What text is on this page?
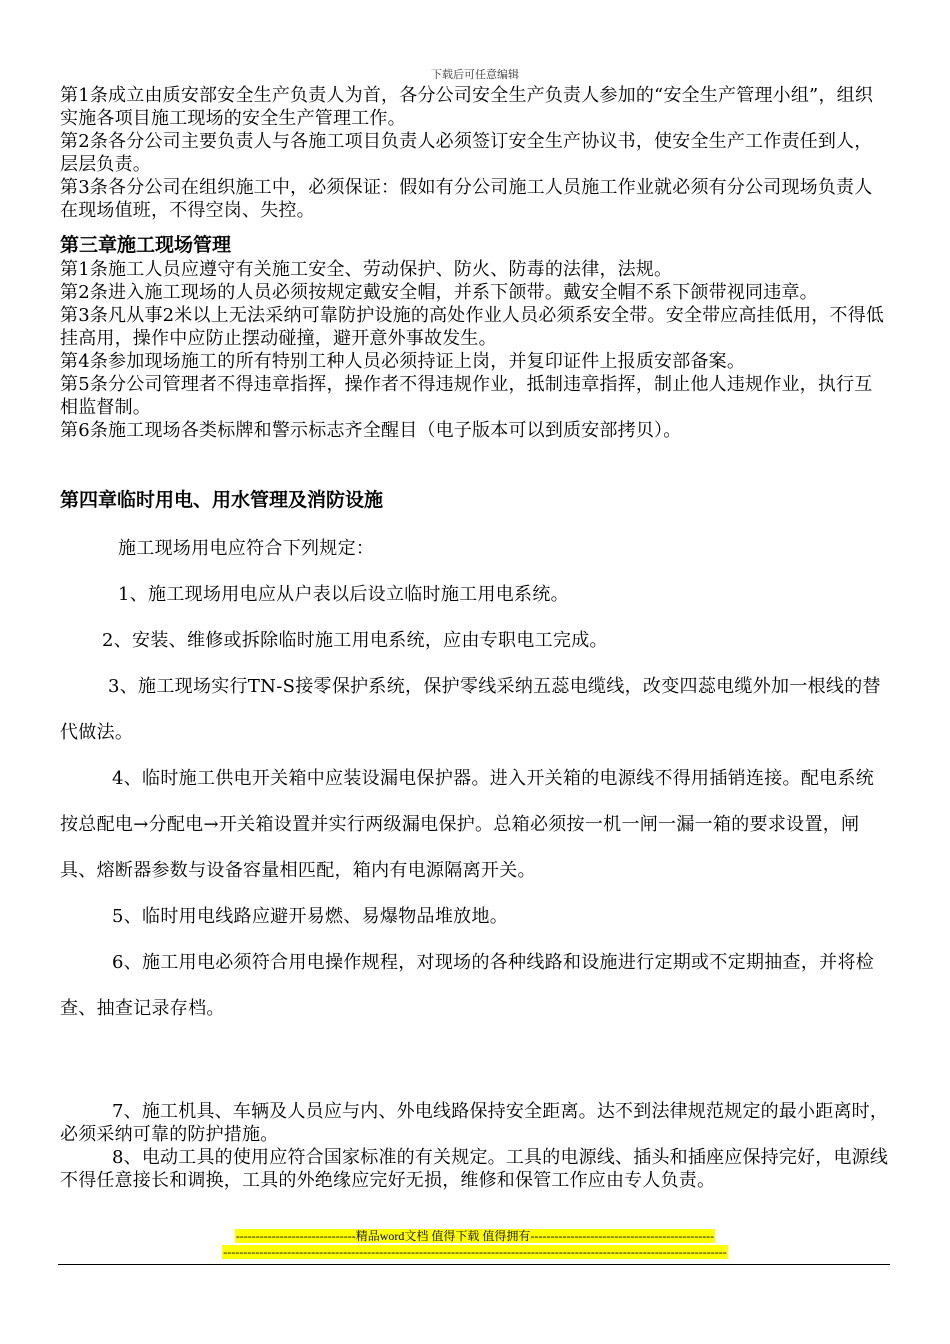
下载后可任意编辑

第1条成立由质安部安全生产负责人为首，各分公司安全生产负责人参加的“安全生产管理小组”，组织实施各项目施工现场的安全生产管理工作。

第2条各分公司主要负责人与各施工项目负责人必须签订安全生产协议书，使安全生产工作责任到人，层层负责。

第3条各分公司在组织施工中，必须保证：假如有分公司施工人员施工作业就必须有分公司现场负责人在现场值班，不得空岗、失控。

第三章施工现场管理

第1条施工人员应遵守有关施工安全、劳动保护、防火、防毒的法律，法规。

第2条进入施工现场的人员必须按规定戴安全帽，并系下颌带。戴安全帽不系下颌带视同违章。

第3条凡从事2米以上无法采纳可靠防护设施的高处作业人员必须系安全带。安全带应高挂低用，不得低挂高用，操作中应防止摆动碰撞，避开意外事故发生。

第4条参加现场施工的所有特别工种人员必须持证上岗，并复印证件上报质安部备案。

第5条分公司管理者不得违章指挥，操作者不得违规作业，抵制违章指挥，制止他人违规作业，执行互相监督制。

第6条施工现场各类标牌和警示标志齐全醒目（电子版本可以到质安部拷贝）。

第四章临时用电、用水管理及消防设施

施工现场用电应符合下列规定：

1、施工现场用电应从户表以后设立临时施工用电系统。

2、安装、维修或拆除临时施工用电系统，应由专职电工完成。

3、施工现场实行TN-S接零保护系统，保护零线采纳五蕊电缆线，改变四蕊电缆外加一根线的替代做法。

4、临时施工供电开关箱中应装设漏电保护器。进入开关箱的电源线不得用插销连接。配电系统按总配电→分配电→开关箱设置并实行两级漏电保护。总箱必须按一机一闸一漏一箱的要求设置，闸具、熔断器参数与设备容量相匹配，箱内有电源隔离开关。

5、临时用电线路应避开易燃、易爆物品堆放地。

6、施工用电必须符合用电操作规程，对现场的各种线路和设施进行定期或不定期抽查，并将检查、抽查记录存档。

7、施工机具、车辆及人员应与内、外电线路保持安全距离。达不到法律规范规定的最小距离时，必须采纳可靠的防护措施。

8、电动工具的使用应符合国家标准的有关规定。工具的电源线、插头和插座应保持完好，电源线不得任意接长和调换，工具的外绝缘应完好无损，维修和保管工作应由专人负责。

------------------------------精品word文档 值得下载 值得拥有----------------------------------------------
------------------------------------------------------------------------------------------------------------------------------
